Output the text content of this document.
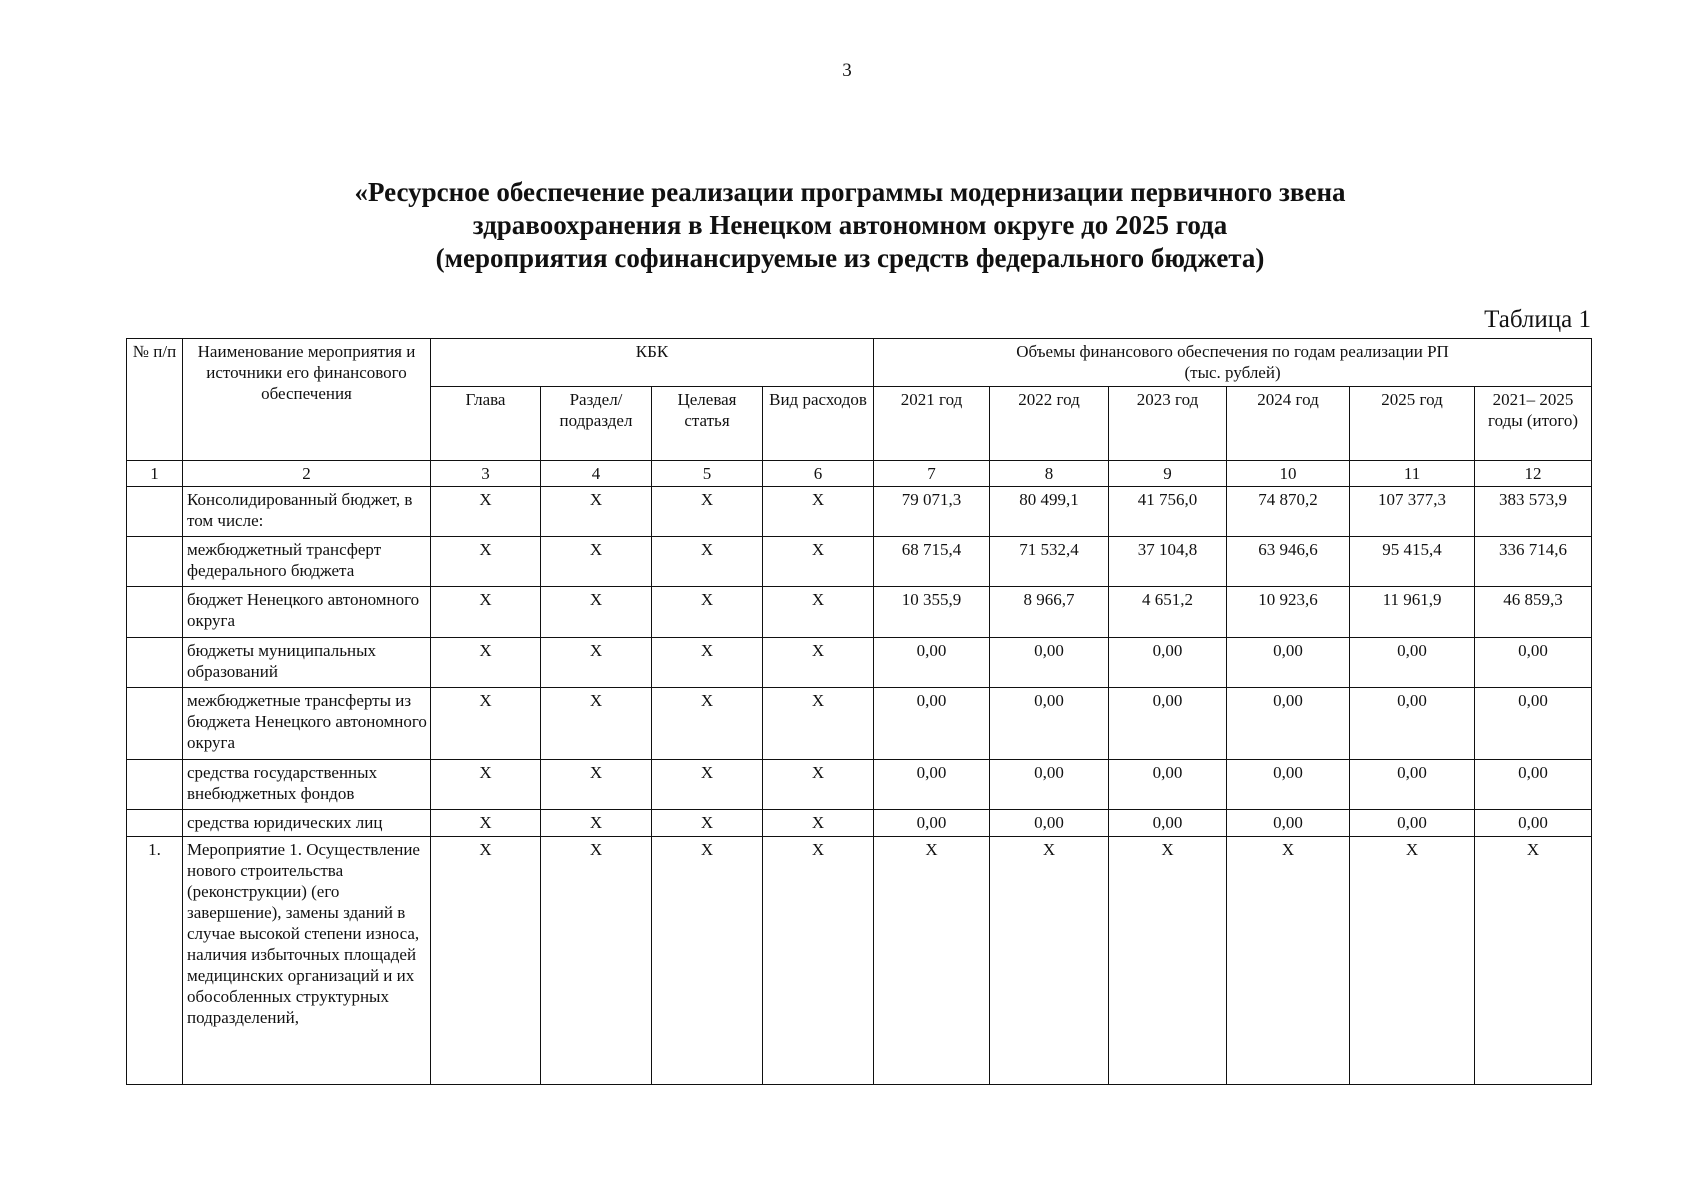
3
«Ресурсное обеспечение реализации программы модернизации первичного звена
здравоохранения в Ненецком автономном округе до 2025 года
(мероприятия софинансируемые из средств федерального бюджета)
Таблица 1
№ п/п	Наименование мероприятия и источники его финансового обеспечения	КБК				Объемы финансового обеспечения по годам реализации РП
(тыс. рублей)					

		Глава	Раздел/ подраздел	Целевая статья	Вид расходов	2021 год	2022 год	2023 год	2024 год	2025 год	2021– 2025 годы (итого)
1	2	3	4	5	6	7	8	9	10	11	12
	Консолидированный бюджет, в том числе:	Х	Х	Х	Х	79 071,3	80 499,1	41 756,0	74 870,2	107 377,3	383 573,9
	межбюджетный трансферт федерального бюджета	Х	Х	Х	Х	68 715,4	71 532,4	37 104,8	63 946,6	95 415,4	336 714,6
	бюджет Ненецкого автономного округа	Х	Х	Х	Х	10 355,9	8 966,7	4 651,2	10 923,6	11 961,9	46 859,3
	бюджеты муниципальных образований	Х	Х	Х	Х	0,00	0,00	0,00	0,00	0,00	0,00
	межбюджетные трансферты из бюджета Ненецкого автономного округа	Х	Х	Х	Х	0,00	0,00	0,00	0,00	0,00	0,00
	средства государственных внебюджетных фондов	Х	Х	Х	Х	0,00	0,00	0,00	0,00	0,00	0,00
	средства юридических лиц	Х	Х	Х	Х	0,00	0,00	0,00	0,00	0,00	0,00
1.	Мероприятие 1. Осуществление нового строительства (реконструкции) (его завершение), замены зданий в случае высокой степени износа, наличия избыточных площадей медицинских организаций и их обособленных структурных подразделений,	Х	Х	Х	Х	Х	Х	Х	Х	Х	Х
